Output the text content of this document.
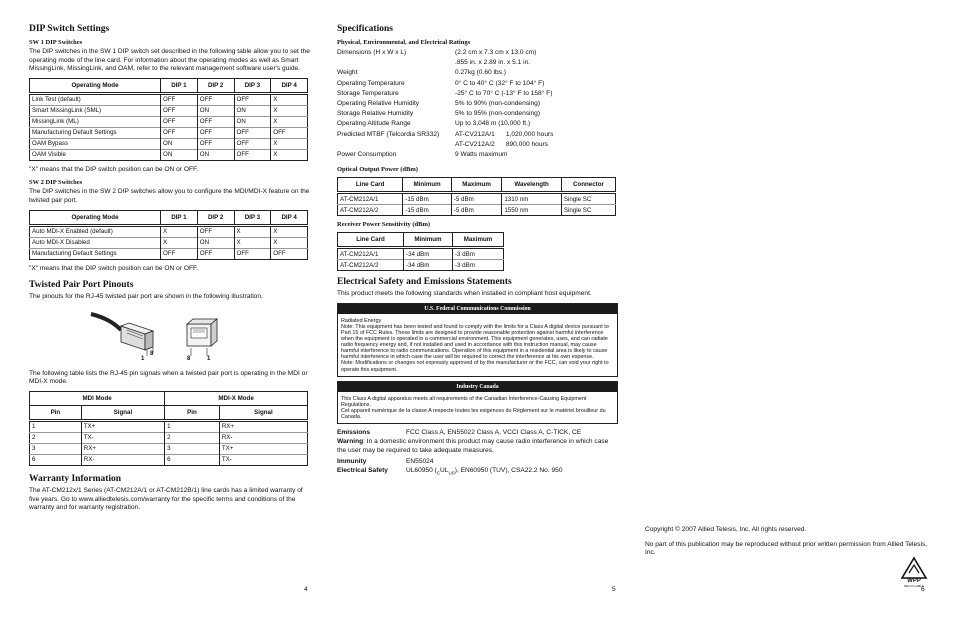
DIP Switch Settings
SW 1 DIP Switches

The DIP switches in the SW 1 DIP switch set described in the following table allow you to set the operating mode of the line card. For information about the operating modes as well as Smart MissingLink, MissingLink, and OAM, refer to the relevant management software user's guide.

Operating Mode	DIP 1	DIP 2	DIP 3	DIP 4
Link Test (default)	OFF	OFF	OFF	X
Smart MissingLink (SML)	OFF	ON	ON	X
MissingLink (ML)	OFF	OFF	ON	X
Manufacturing Default Settings	OFF	OFF	OFF	OFF
OAM Bypass	ON	OFF	OFF	X
OAM Visible	ON	ON	OFF	X

"X" means that the DIP switch position can be ON or OFF.

SW 2 DIP Switches

The DIP switches in the SW 2 DIP switches allow you to configure the MDI/MDI-X feature on the twisted pair port.

Operating Mode	DIP 1	DIP 2	DIP 3	DIP 4
Auto MDI-X Enabled (default)	X	OFF	X	X
Auto MDI-X Disabled	X	ON	X	X
Manufacturing Default Settings	OFF	OFF	OFF	OFF

"X" means that the DIP switch position can be ON or OFF.

Twisted Pair Port Pinouts

The pinouts for the RJ-45 twisted pair port are shown in the following illustration.

1
8
8	1

The following table lists the RJ-45 pin signals when a twisted pair port is operating in the MDI or MDI-X mode.

MDI Mode		MDI-X Mode	
Pin	Signal	Pin	Signal
1	TX+	1	RX+
2	TX-	2	RX-
3	RX+	3	TX+
6	RX-	6	TX-
Warranty Information

The AT-CM212x/1 Series (AT-CM212A/1 or AT-CM212B/1) line cards has a limited warranty of five years. Go to www.alliedtelesis.com/warranty for the specific terms and conditions of the warranty and for warranty registration.

4
Specifications
Physical, Environmental, and Electrical Ratings
Dimensions (H x W x L)	(2.2 cm x 7.3 cm x 13.0 cm)
.855 in. x 2.89 in. x 5.1 in.
Weight	0.27kg (0.60 lbs.)
Operating Temperature	0° C to 40° C (32° F to 104° F)
Storage Temperature	-25° C to 70° C (-13° F to 158° F)
Operating Relative Humidity	5% to 90% (non-condensing)
Storage Relative Humidity	5% to 95% (non-condensing)
Operating Altitude Range	Up to 3,048 m (10,000 ft.)
Predicted MTBF (Telcordia SR332)	AT-CV212A/1      1,020,000 hours
AT-CV212A/2      890,000 hours
Power Consumption	9 Watts maximum
Optical Output Power (dBm)
Line Card	Minimum	Maximum	Wavelength	Connector
AT-CM212A/1	-15 dBm	-5 dBm	1310 nm	Single SC
AT-CM212A/2	-15 dBm	-5 dBm	1550 nm	Single SC
Receiver Power Sensitivity (dBm)
Line Card	Minimum	Maximum
AT-CM212A/1	-34 dBm	-3 dBm
AT-CM212A/2	-34 dBm	-3 dBm
Electrical Safety and Emissions Statements

This product meets the following standards when installed in compliant host equipment.

U.S. Federal Communications Commission
Radiated Energy
Note: This equipment has been tested and found to comply with the limits for a Class A digital device pursuant to Part 15 of FCC Rules. These limits are designed to provide reasonable protection against harmful interference when the equipment is operated in a commercial environment. This equipment generates, uses, and can radiate radio frequency energy and, if not installed and used in accordance with this instruction manual, may cause harmful interference to radio communications. Operation of this equipment in a residential area is likely to cause harmful interference in which case the user will be required to correct the interference at his own expense.
Note: Modifications or changes not expressly approved of by the manufacturer or the FCC, can void your right to operate this equipment.
Industry Canada
This Class A digital apparatus meets all requirements of the Canadian Interference-Causing Equipment Regulations.
Cet appareil numérique de la classe A respecte toutes les exigences du Règlement sur le matériel brouilleur du Canada.
Emissions	FCC Class A, EN55022 Class A, VCCI Class A, C-TICK, CE

Warning: In a domestic environment this product may cause radio interference in which case the user may be required to take adequate measures.

Immunity	EN55024
Electrical Safety	UL60950 $(_CUL_{US})$, EN60950 (TUV), CSA22.2 No. 950
5

Copyright © 2007 Allied Telesis, Inc. All rights reserved.

No part of this publication may be reproduced without prior written permission from Allied Telesis, Inc.

WPP
RECYCLABLE
6
